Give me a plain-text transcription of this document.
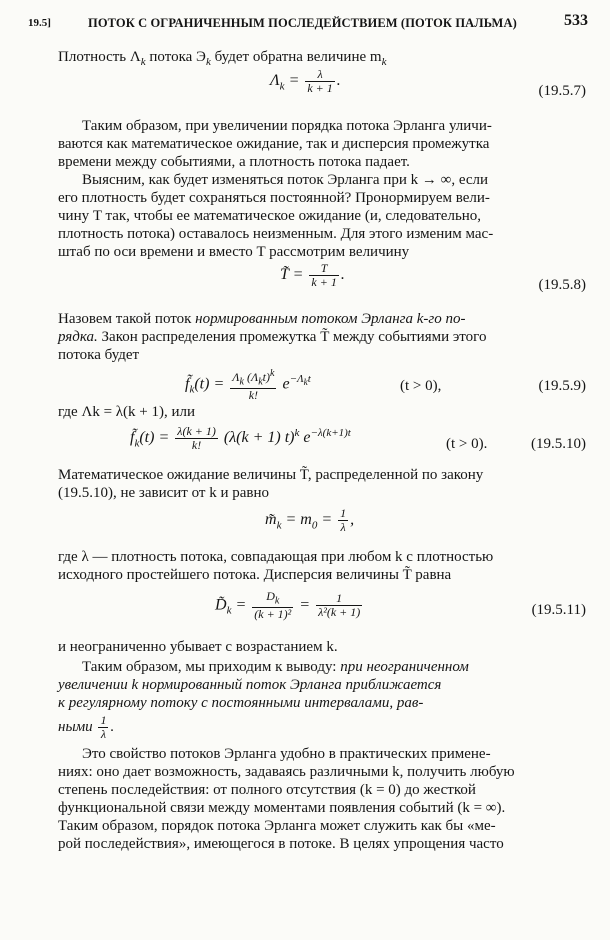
19.5]	ПОТОК С ОГРАНИЧЕННЫМ ПОСЛЕДЕЙСТВИЕМ (ПОТОК ПАЛЬМА)	533
Плотность $\Lambda_k$ потока $Э_k$ будет обратна величине $m_k$
$\Lambda_k = \frac{\lambda}{k + 1}$ .
(19.5.7)
Таким образом, при увеличении порядка потока Эрланга уличи-
ваются как математическое ожидание, так и дисперсия промежутка
времени между событиями, а плотность потока падает.
Выясним, как будет изменяться поток Эрланга при k → ∞, если
его плотность будет сохраняться постоянной? Пронормируем вели-
чину T так, чтобы ее математическое ожидание (и, следовательно,
плотность потока) оставалось неизменным. Для этого изменим мас-
штаб по оси времени и вместо T рассмотрим величину
T̃ = $\frac{T}{k + 1}$ .
(19.5.8)
Назовем такой поток нормированным потоком Эрланга k-го по-
рядка. Закон распределения промежутка T̃ между событиями этого
потока будет
$f̃_k(t) = \frac{\Lambda_k (\Lambda_kt)^k}{k!} e^{-\Lambda_kt}$	(t > 0),	(19.5.9)
где Λk = λ(k + 1), или
$f̃_k(t) = \frac{\lambda(k + 1)}{k!} (\lambda(k + 1)$ t)$^k$ $e^{-\lambda(k+1)t}$
(t > 0).	(19.5.10)
Математическое ожидание величины T̃, распределенной по закону
(19.5.10), не зависит от k и равно
$m̃_k = m_0 = \frac{1}{\lambda}$ ,
где λ — плотность потока, совпадающая при любом k с плотностью
исходного простейшего потока. Дисперсия величины T̃ равна
$D̃_k = \frac{D_k}{\text{(k + 1)²}} = \frac{1}{\text{λ²(k + 1)}}$	(19.5.11)
и неограниченно убывает с возрастанием k.
Таким образом, мы приходим к выводу: при неограниченном
увеличении k нормированный поток Эрланга приближается
к регулярному потоку с постоянными интервалами, рав-
ными $\frac{1}{\lambda}$ .
Это свойство потоков Эрланга удобно в практических примене-
ниях: оно дает возможность, задаваясь различными k, получить любую
степень последействия: от полного отсутствия (k = 0) до жесткой
функциональной связи между моментами появления событий (k = ∞).
Таким образом, порядок потока Эрланга может служить как бы «ме-
рой последействия», имеющегося в потоке. В целях упрощения часто
